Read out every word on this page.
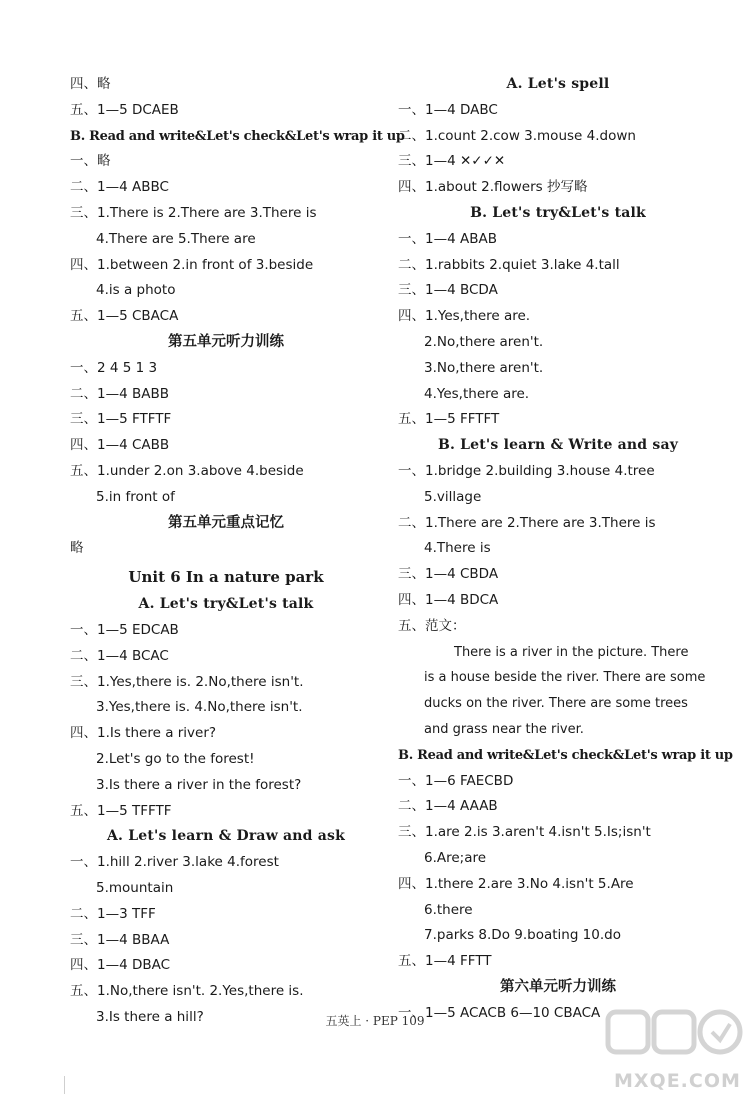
四、略
五、1—5 DCAEB
B. Read and write&Let's check&Let's wrap it up
一、略
二、1—4 ABBC
三、1.There is 2.There are 3.There is
4.There are 5.There are
四、1.between 2.in front of 3.beside
4.is a photo
五、1—5 CBACA
第五单元听力训练
一、2 4 5 1 3
二、1—4 BABB
三、1—5 FTFTF
四、1—4 CABB
五、1.under 2.on 3.above 4.beside
5.in front of
第五单元重点记忆
略
Unit 6 In a nature park
A. Let's try&Let's talk
一、1—5 EDCAB
二、1—4 BCAC
三、1.Yes,there is. 2.No,there isn't.
3.Yes,there is. 4.No,there isn't.
四、1.Is there a river?
2.Let's go to the forest!
3.Is there a river in the forest?
五、1—5 TFFTF
A. Let's learn & Draw and ask
一、1.hill 2.river 3.lake 4.forest
5.mountain
二、1—3 TFF
三、1—4 BBAA
四、1—4 DBAC
五、1.No,there isn't. 2.Yes,there is.
3.Is there a hill?
A. Let's spell
一、1—4 DABC
二、1.count 2.cow 3.mouse 4.down
三、1—4 ✕✓✓✕
四、1.about 2.flowers 抄写略
B. Let's try&Let's talk
一、1—4 ABAB
二、1.rabbits 2.quiet 3.lake 4.tall
三、1—4 BCDA
四、1.Yes,there are.
2.No,there aren't.
3.No,there aren't.
4.Yes,there are.
五、1—5 FFTFT
B. Let's learn & Write and say
一、1.bridge 2.building 3.house 4.tree
5.village
二、1.There are 2.There are 3.There is
4.There is
三、1—4 CBDA
四、1—4 BDCA
五、范文：
There is a river in the picture. There
is a house beside the river. There are some
ducks on the river. There are some trees
and grass near the river.
B. Read and write&Let's check&Let's wrap it up
一、1—6 FAECBD
二、1—4 AAAB
三、1.are 2.is 3.aren't 4.isn't 5.Is;isn't
6.Are;are
四、1.there 2.are 3.No 4.isn't 5.Are
6.there
7.parks 8.Do 9.boating 10.do
五、1—4 FFTT
第六单元听力训练
一、1—5 ACACB 6—10 CBACA
五英上 · PEP 109
MXQE.COM
